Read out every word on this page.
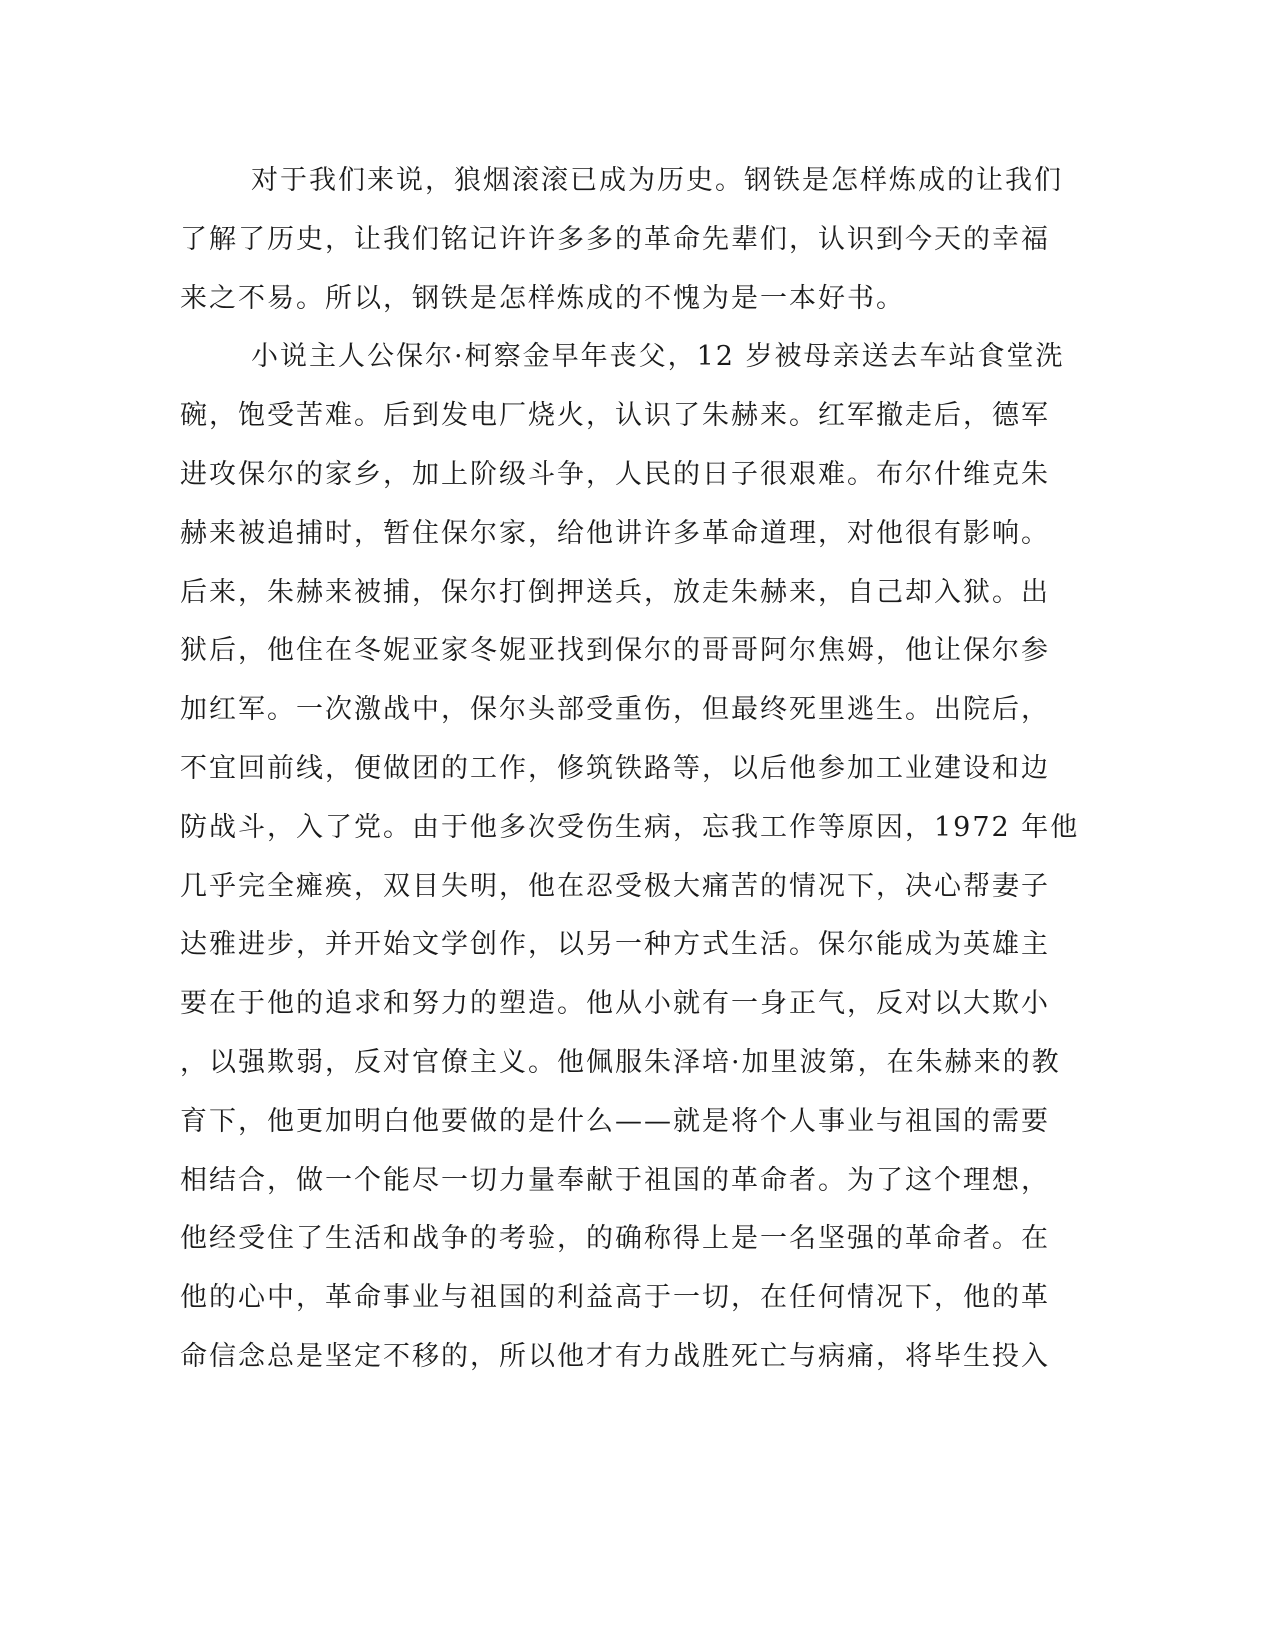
对于我们来说，狼烟滚滚已成为历史。钢铁是怎样炼成的让我们
了解了历史，让我们铭记许许多多的革命先辈们，认识到今天的幸福
来之不易。所以，钢铁是怎样炼成的不愧为是一本好书。
小说主人公保尔·柯察金早年丧父，12 岁被母亲送去车站食堂洗
碗，饱受苦难。后到发电厂烧火，认识了朱赫来。红军撤走后，德军
进攻保尔的家乡，加上阶级斗争，人民的日子很艰难。布尔什维克朱
赫来被追捕时，暂住保尔家，给他讲许多革命道理，对他很有影响。
后来，朱赫来被捕，保尔打倒押送兵，放走朱赫来，自己却入狱。出
狱后，他住在冬妮亚家冬妮亚找到保尔的哥哥阿尔焦姆，他让保尔参
加红军。一次激战中，保尔头部受重伤，但最终死里逃生。出院后，
不宜回前线，便做团的工作，修筑铁路等，以后他参加工业建设和边
防战斗，入了党。由于他多次受伤生病，忘我工作等原因，1972 年他
几乎完全瘫痪，双目失明，他在忍受极大痛苦的情况下，决心帮妻子
达雅进步，并开始文学创作，以另一种方式生活。保尔能成为英雄主
要在于他的追求和努力的塑造。他从小就有一身正气，反对以大欺小
，以强欺弱，反对官僚主义。他佩服朱泽培·加里波第，在朱赫来的教
育下，他更加明白他要做的是什么——就是将个人事业与祖国的需要
相结合，做一个能尽一切力量奉献于祖国的革命者。为了这个理想，
他经受住了生活和战争的考验，的确称得上是一名坚强的革命者。在
他的心中，革命事业与祖国的利益高于一切，在任何情况下，他的革
命信念总是坚定不移的，所以他才有力战胜死亡与病痛，将毕生投入
